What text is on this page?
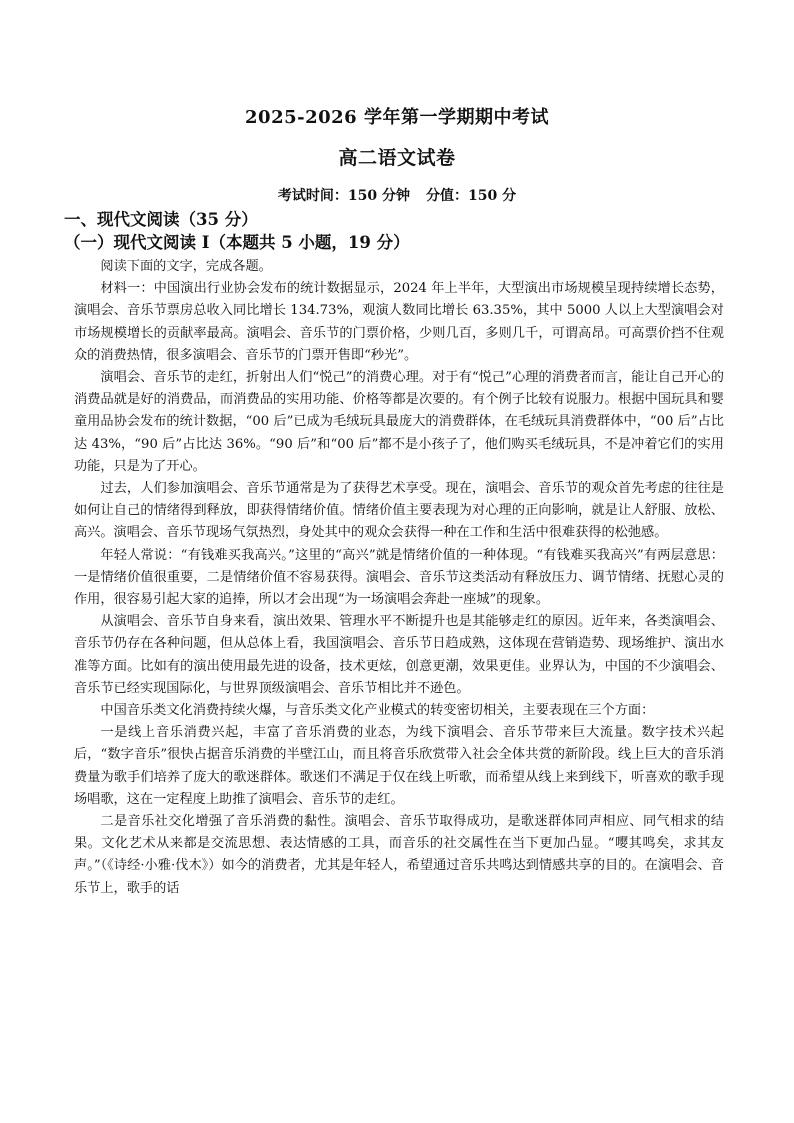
2025-2026 学年第一学期期中考试
高二语文试卷
考试时间：150 分钟 分值：150 分
一、现代文阅读（35 分）
（一）现代文阅读 I（本题共 5 小题，19 分）

阅读下面的文字，完成各题。

材料一：中国演出行业协会发布的统计数据显示，2024 年上半年，大型演出市场规模呈现持续增长态势，演唱会、音乐节票房总收入同比增长 134.73%，观演人数同比增长 63.35%，其中 5000 人以上大型演唱会对市场规模增长的贡献率最高。演唱会、音乐节的门票价格，少则几百，多则几千，可谓高昂。可高票价挡不住观众的消费热情，很多演唱会、音乐节的门票开售即“秒光”。

演唱会、音乐节的走红，折射出人们“悦己”的消费心理。对于有“悦己”心理的消费者而言，能让自己开心的消费品就是好的消费品，而消费品的实用功能、价格等都是次要的。有个例子比较有说服力。根据中国玩具和婴童用品协会发布的统计数据，“00 后”已成为毛绒玩具最庞大的消费群体，在毛绒玩具消费群体中，“00 后”占比达 43%，“90 后”占比达 36%。“90 后”和“00 后”都不是小孩子了，他们购买毛绒玩具，不是冲着它们的实用功能，只是为了开心。

过去，人们参加演唱会、音乐节通常是为了获得艺术享受。现在，演唱会、音乐节的观众首先考虑的往往是如何让自己的情绪得到释放，即获得情绪价值。情绪价值主要表现为对心理的正向影响，就是让人舒服、放松、高兴。演唱会、音乐节现场气氛热烈，身处其中的观众会获得一种在工作和生活中很难获得的松弛感。

年轻人常说：“有钱难买我高兴。”这里的“高兴”就是情绪价值的一种体现。“有钱难买我高兴”有两层意思：一是情绪价值很重要，二是情绪价值不容易获得。演唱会、音乐节这类活动有释放压力、调节情绪、抚慰心灵的作用，很容易引起大家的追捧，所以才会出现“为一场演唱会奔赴一座城”的现象。

从演唱会、音乐节自身来看，演出效果、管理水平不断提升也是其能够走红的原因。近年来，各类演唱会、音乐节仍存在各种问题，但从总体上看，我国演唱会、音乐节日趋成熟，这体现在营销造势、现场维护、演出水准等方面。比如有的演出使用最先进的设备，技术更炫，创意更潮，效果更佳。业界认为，中国的不少演唱会、音乐节已经实现国际化，与世界顶级演唱会、音乐节相比并不逊色。

中国音乐类文化消费持续火爆，与音乐类文化产业模式的转变密切相关，主要表现在三个方面：

一是线上音乐消费兴起，丰富了音乐消费的业态，为线下演唱会、音乐节带来巨大流量。数字技术兴起后，“数字音乐”很快占据音乐消费的半壁江山，而且将音乐欣赏带入社会全体共赏的新阶段。线上巨大的音乐消费量为歌手们培养了庞大的歌迷群体。歌迷们不满足于仅在线上听歌，而希望从线上来到线下，听喜欢的歌手现场唱歌，这在一定程度上助推了演唱会、音乐节的走红。

二是音乐社交化增强了音乐消费的黏性。演唱会、音乐节取得成功，是歌迷群体同声相应、同气相求的结果。文化艺术从来都是交流思想、表达情感的工具，而音乐的社交属性在当下更加凸显。“嘤其鸣矣，求其友声。”（《诗经·小雅·伐木》）如今的消费者，尤其是年轻人，希望通过音乐共鸣达到情感共享的目的。在演唱会、音乐节上，歌手的话
